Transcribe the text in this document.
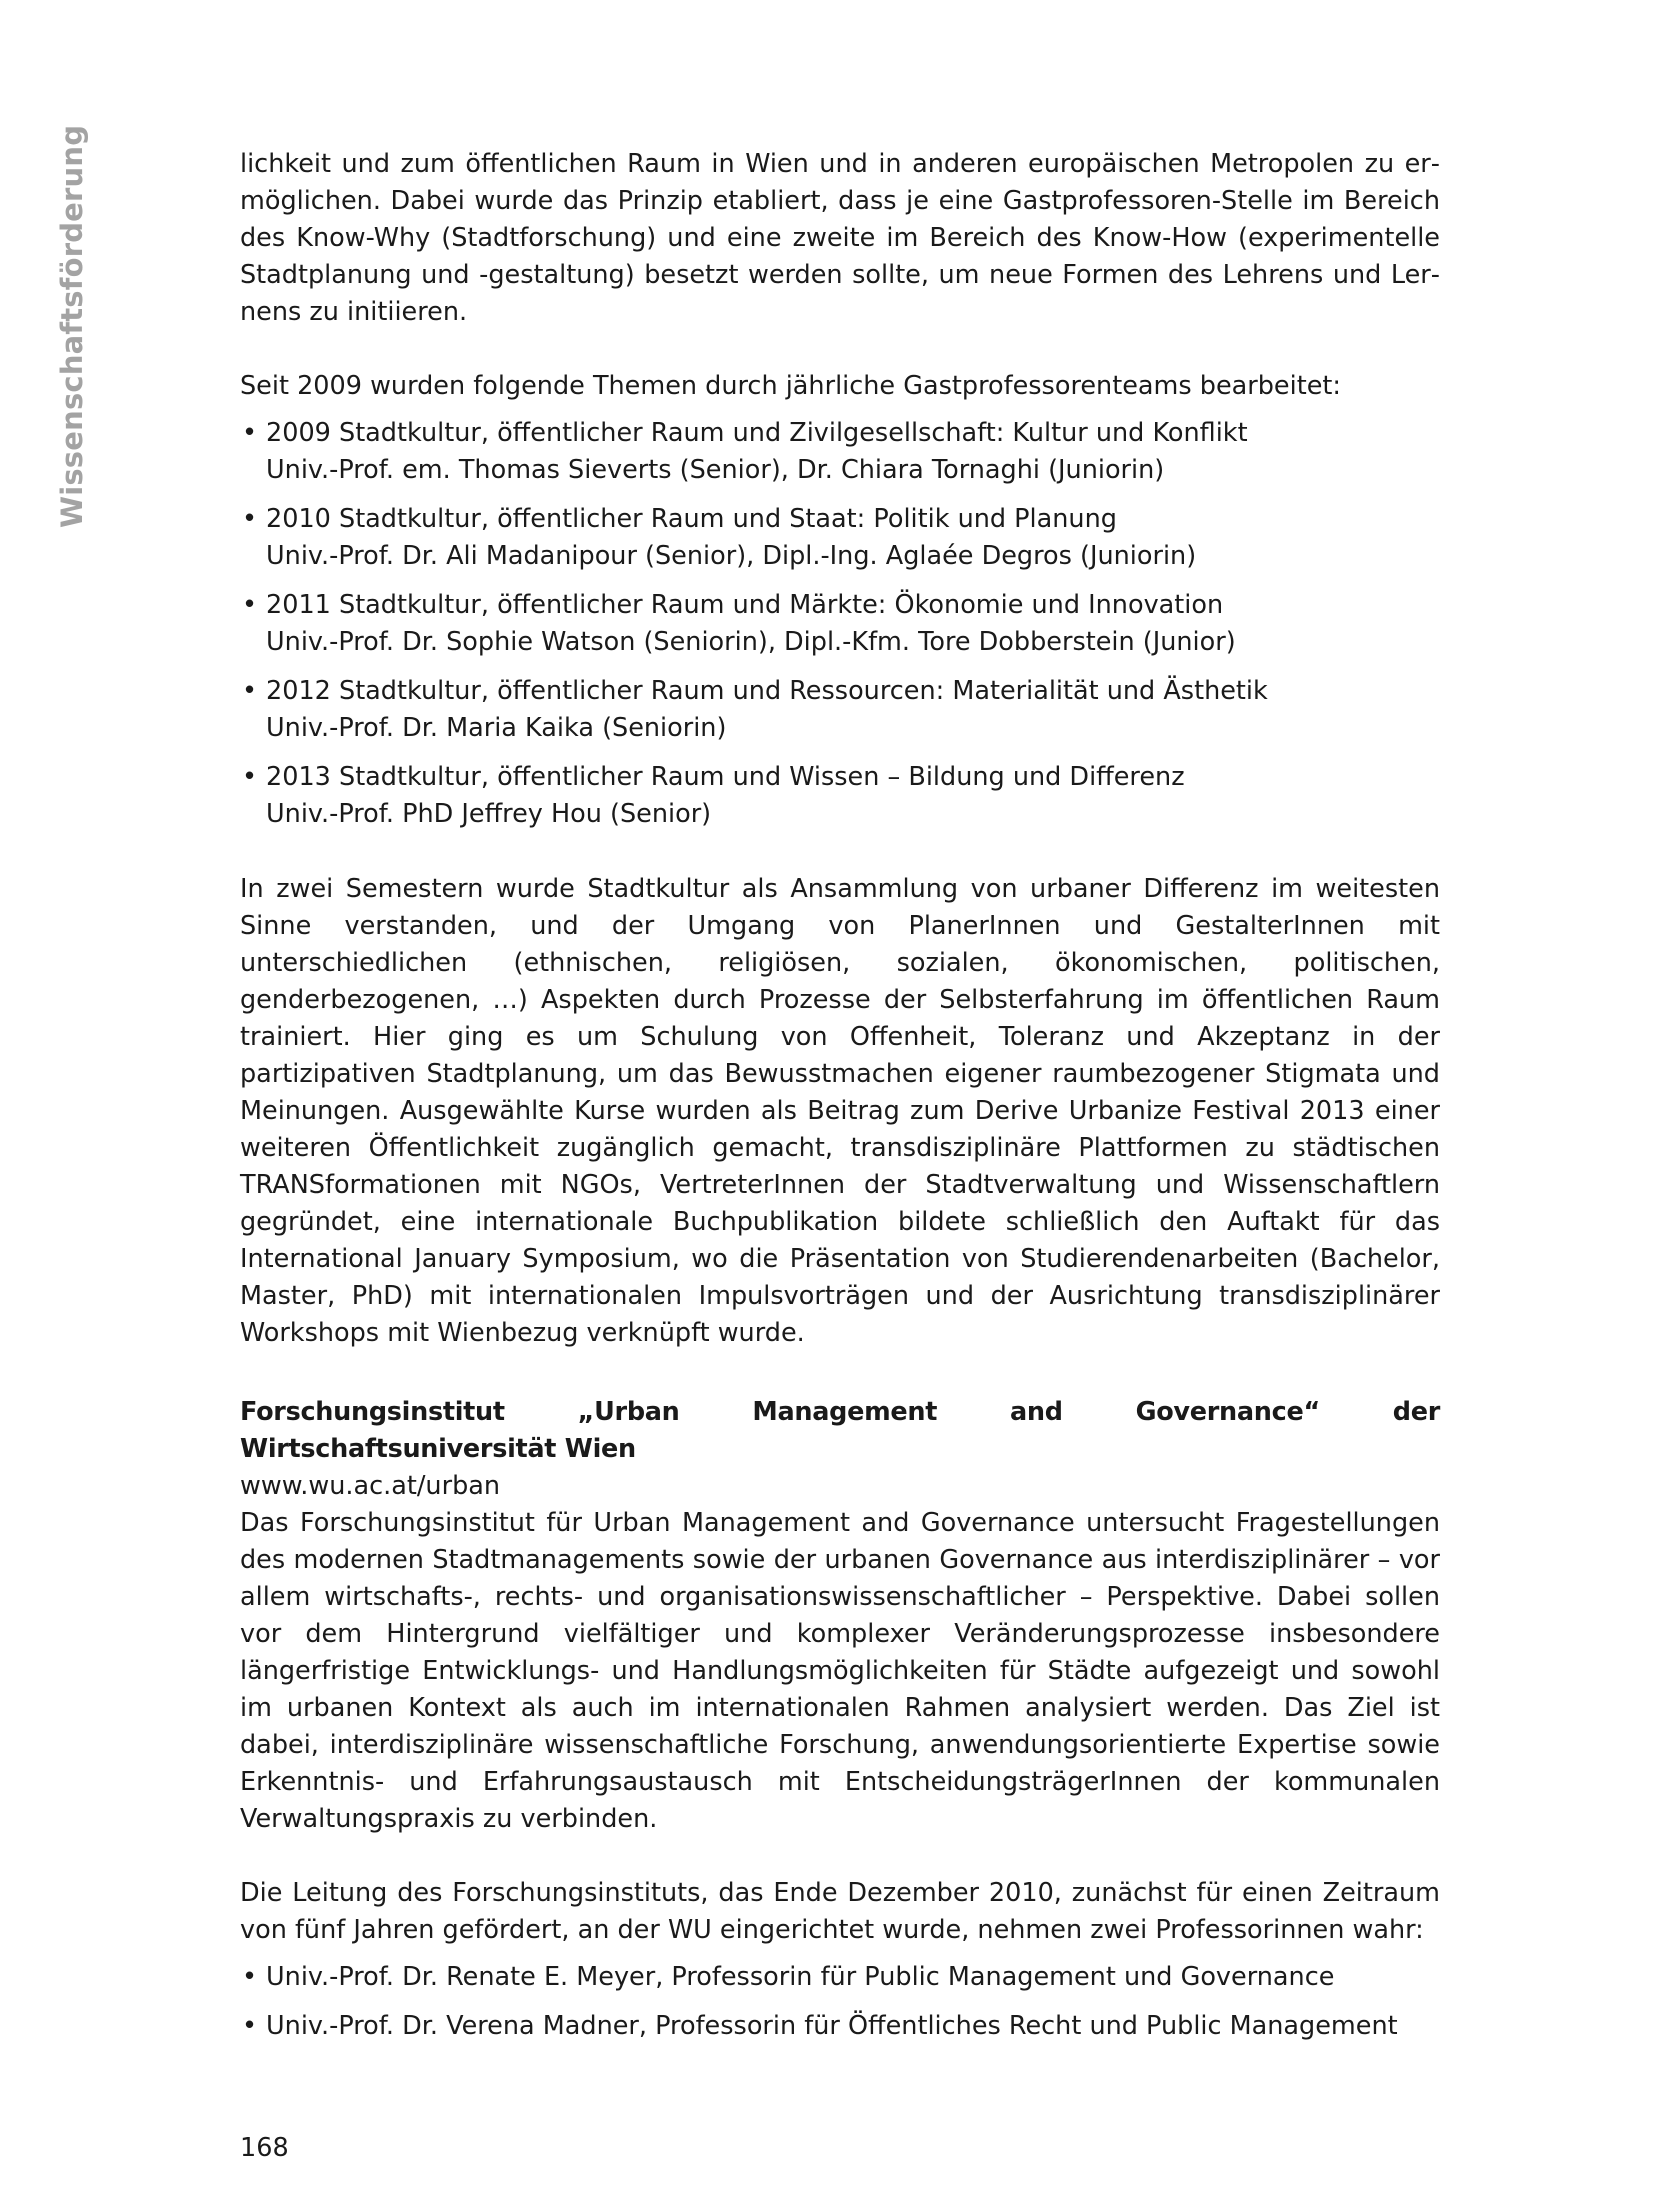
Wissenschaftsförderung	lichkeit und zum öffentlichen Raum in Wien und in anderen europäischen Metropolen zu ermöglichen. Dabei wurde das Prinzip etabliert, dass je eine Gastprofessoren-Stelle im Bereich des Know-Why (Stadtforschung) und eine zweite im Bereich des Know-How (experimentelle Stadtplanung und -gestaltung) besetzt werden sollte, um neue Formen des Lehrens und Lernens zu initiieren.

Seit 2009 wurden folgende Themen durch jährliche Gastprofessorenteams bearbeitet:

• 2009 Stadtkultur, öffentlicher Raum und Zivilgesellschaft: Kultur und Konflikt
Univ.-Prof. em. Thomas Sieverts (Senior), Dr. Chiara Tornaghi (Juniorin)
• 2010 Stadtkultur, öffentlicher Raum und Staat: Politik und Planung
Univ.-Prof. Dr. Ali Madanipour (Senior), Dipl.-Ing. Aglaée Degros (Juniorin)
• 2011 Stadtkultur, öffentlicher Raum und Märkte: Ökonomie und Innovation
Univ.-Prof. Dr. Sophie Watson (Seniorin), Dipl.-Kfm. Tore Dobberstein (Junior)
• 2012 Stadtkultur, öffentlicher Raum und Ressourcen: Materialität und Ästhetik
Univ.-Prof. Dr. Maria Kaika (Seniorin)
• 2013 Stadtkultur, öffentlicher Raum und Wissen – Bildung und Differenz
Univ.-Prof. PhD Jeffrey Hou (Senior)

In zwei Semestern wurde Stadtkultur als Ansammlung von urbaner Differenz im weitesten Sinne verstanden, und der Umgang von PlanerInnen und GestalterInnen mit unterschiedlichen (ethnischen, religiösen, sozialen, ökonomischen, politischen, genderbezogenen, …) Aspekten durch Prozesse der Selbsterfahrung im öffentlichen Raum trainiert. Hier ging es um Schulung von Offenheit, Toleranz und Akzeptanz in der partizipativen Stadtplanung, um das Bewusstmachen eigener raumbezogener Stigmata und Meinungen. Ausgewählte Kurse wurden als Beitrag zum Derive Urbanize Festival 2013 einer weiteren Öffentlichkeit zugänglich gemacht, transdisziplinäre Plattformen zu städtischen TRANSformationen mit NGOs, VertreterInnen der Stadtverwaltung und Wissenschaftlern gegründet, eine internationale Buchpublikation bildete schließlich den Auftakt für das International January Symposium, wo die Präsentation von Studierendenarbeiten (Bachelor, Master, PhD) mit internationalen Impulsvorträgen und der Ausrichtung transdisziplinärer Workshops mit Wienbezug verknüpft wurde.

Forschungsinstitut „Urban Management and Governance“ der Wirtschaftsuniversität Wien

www.wu.ac.at/urban

Das Forschungsinstitut für Urban Management and Governance untersucht Fragestellungen des modernen Stadtmanagements sowie der urbanen Governance aus interdisziplinärer – vor allem wirtschafts-, rechts- und organisationswissenschaftlicher – Perspektive. Dabei sollen vor dem Hintergrund vielfältiger und komplexer Veränderungsprozesse insbesondere längerfristige Entwicklungs- und Handlungsmöglichkeiten für Städte aufgezeigt und sowohl im urbanen Kontext als auch im internationalen Rahmen analysiert werden. Das Ziel ist dabei, interdisziplinäre wissenschaftliche Forschung, anwendungsorientierte Expertise sowie Erkenntnis- und Erfahrungsaustausch mit EntscheidungsträgerInnen der kommunalen Verwaltungspraxis zu verbinden.

Die Leitung des Forschungsinstituts, das Ende Dezember 2010, zunächst für einen Zeitraum von fünf Jahren gefördert, an der WU eingerichtet wurde, nehmen zwei Professorinnen wahr:

• Univ.-Prof. Dr. Renate E. Meyer, Professorin für Public Management und Governance
• Univ.-Prof. Dr. Verena Madner, Professorin für Öffentliches Recht und Public Management
168
